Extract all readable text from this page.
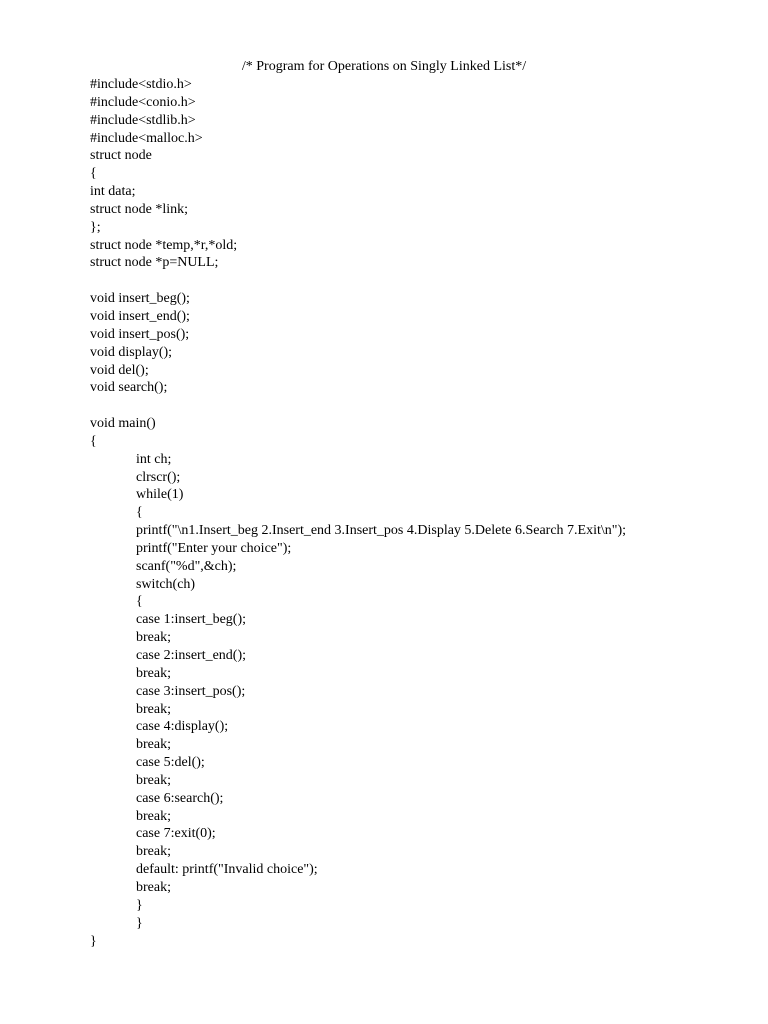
/* Program for Operations on Singly Linked List*/
#include<stdio.h>
#include<conio.h>
#include<stdlib.h>
#include<malloc.h>
struct node
{
int data;
struct node *link;
};
struct node *temp,*r,*old;
struct node *p=NULL;
void insert_beg();
void insert_end();
void insert_pos();
void display();
void del();
void search();
void main()
{
int ch;
clrscr();
while(1)
{
printf("\n1.Insert_beg 2.Insert_end 3.Insert_pos 4.Display 5.Delete 6.Search 7.Exit\n");
printf("Enter your choice");
scanf("%d",&ch);
switch(ch)
{
case 1:insert_beg();
break;
case 2:insert_end();
break;
case 3:insert_pos();
break;
case 4:display();
break;
case 5:del();
break;
case 6:search();
break;
case 7:exit(0);
break;
default: printf("Invalid choice");
break;
}
}
}
